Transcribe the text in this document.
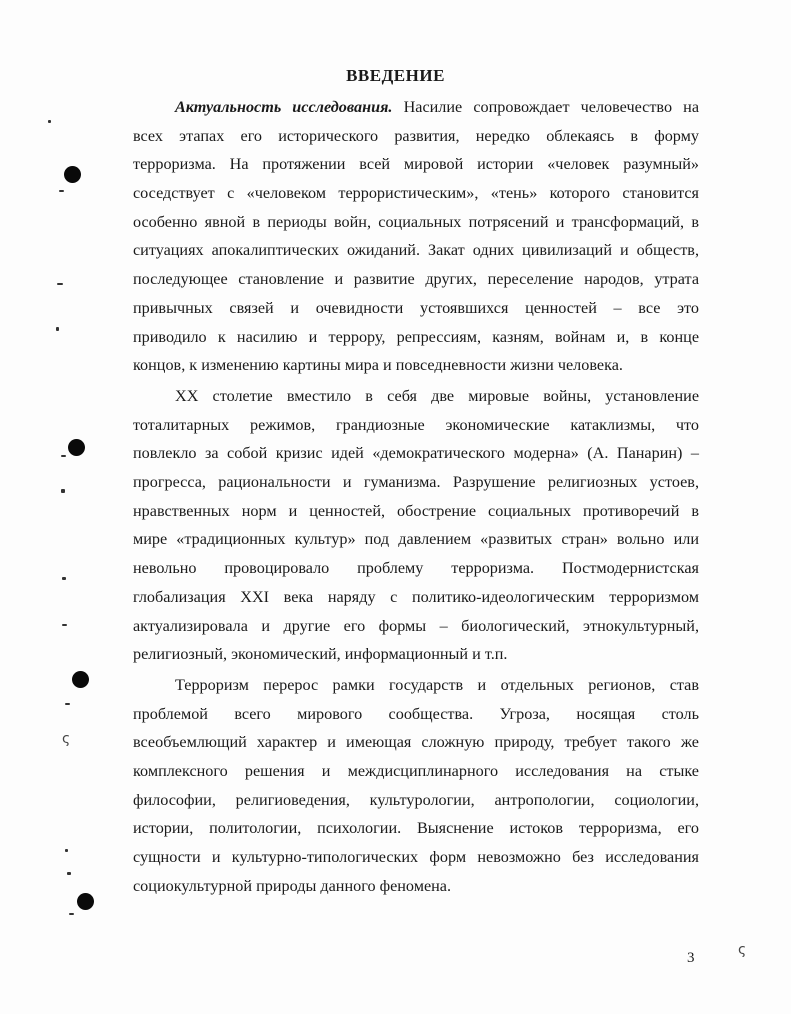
ς
ς
ВВЕДЕНИЕ
Актуальность исследования. Насилие сопровождает человечество на
всех этапах его исторического развития, нередко облекаясь в форму
терроризма. На протяжении всей мировой истории «человек разумный»
соседствует с «человеком террористическим», «тень» которого становится
особенно явной в периоды войн, социальных потрясений и трансформаций, в
ситуациях апокалиптических ожиданий. Закат одних цивилизаций и обществ,
последующее становление и развитие других, переселение народов, утрата
привычных связей и очевидности устоявшихся ценностей – все это
приводило к насилию и террору, репрессиям, казням, войнам и, в конце
концов, к изменению картины мира и повседневности жизни человека.
XX столетие вместило в себя две мировые войны, установление
тоталитарных режимов, грандиозные экономические катаклизмы, что
повлекло за собой кризис идей «демократического модерна» (А. Панарин) –
прогресса, рациональности и гуманизма. Разрушение религиозных устоев,
нравственных норм и ценностей, обострение социальных противоречий в
мире «традиционных культур» под давлением «развитых стран» вольно или
невольно провоцировало проблему терроризма. Постмодернистская
глобализация XXI века наряду с политико-идеологическим терроризмом
актуализировала и другие его формы – биологический, этнокультурный,
религиозный, экономический, информационный и т.п.
Терроризм перерос рамки государств и отдельных регионов, став
проблемой всего мирового сообщества. Угроза, носящая столь
всеобъемлющий характер и имеющая сложную природу, требует такого же
комплексного решения и междисциплинарного исследования на стыке
философии, религиоведения, культурологии, антропологии, социологии,
истории, политологии, психологии. Выяснение истоков терроризма, его
сущности и культурно-типологических форм невозможно без исследования
социокультурной природы данного феномена.
3
